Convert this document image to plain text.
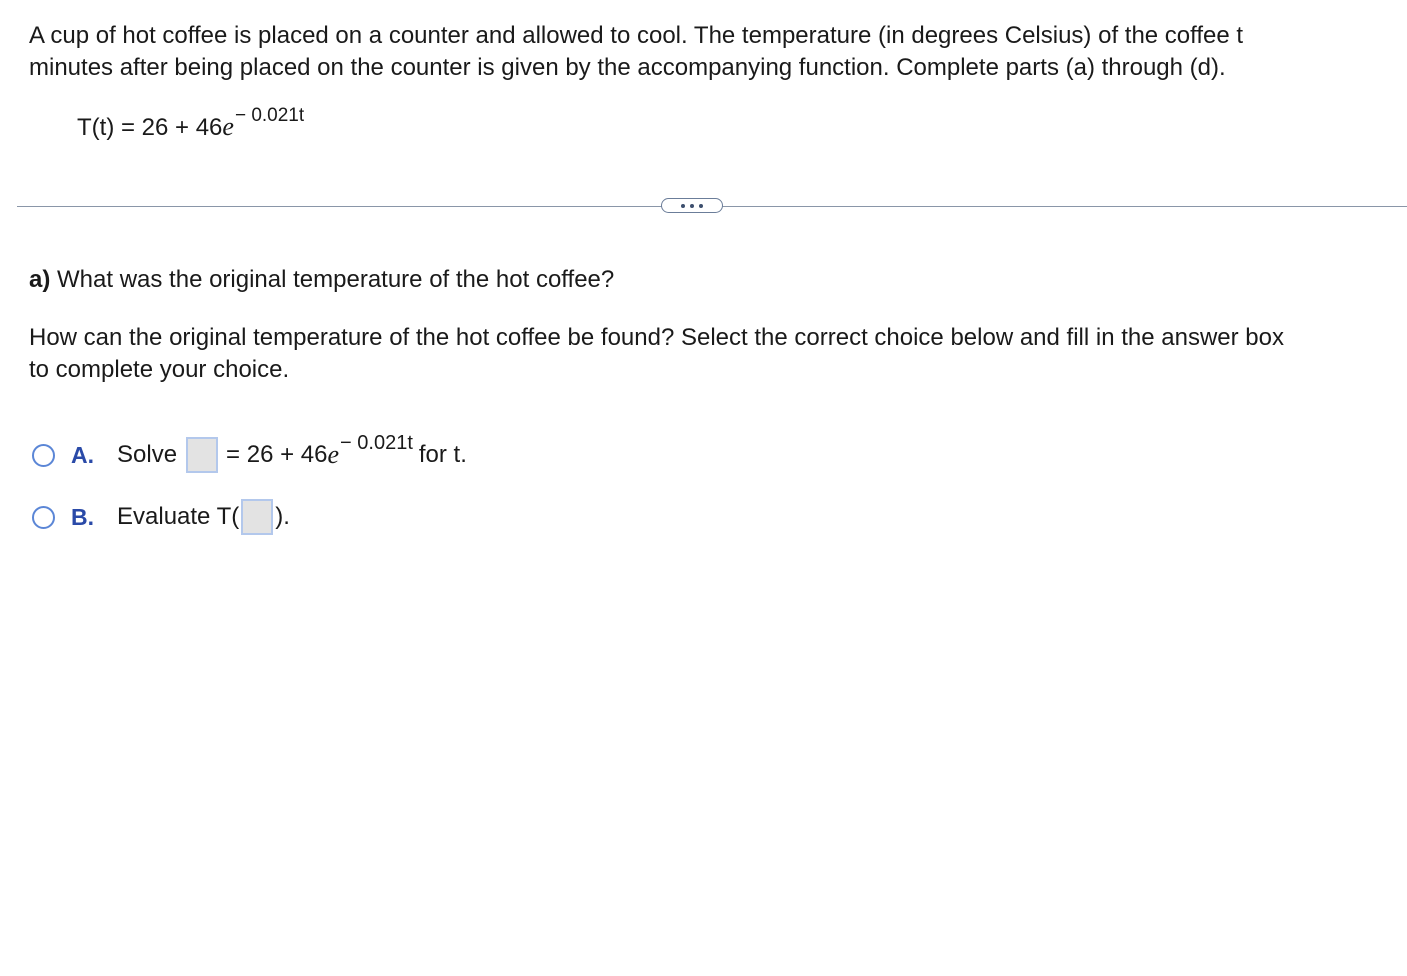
A cup of hot coffee is placed on a counter and allowed to cool. The temperature (in degrees Celsius) of the coffee t

minutes after being placed on the counter is given by the accompanying function. Complete parts (a) through (d).

$T(t) = 26 + 46e^{- 0.021t}$
a) What was the original temperature of the hot coffee?
How can the original temperature of the hot coffee be found? Select the correct choice below and fill in the answer box
to complete your choice.
A. Solve = 26 + 46 e − 0.021t for t.
B. Evaluate T( ).
